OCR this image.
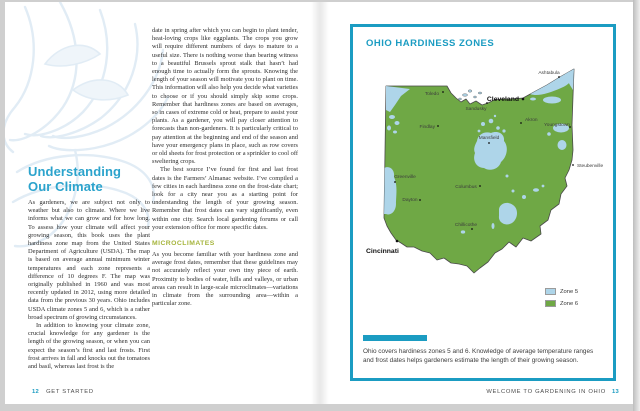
Understanding
Our Climate

As gardeners, we are subject not only to weather but also to climate. Where we live informs what we can grow and for how long. To assess how your climate will affect your growing season, this book uses the plant hardiness zone map from the United States Department of Agriculture (USDA). The map is based on average annual minimum winter temperatures and each zone represents a difference of 10 degrees F. The map was originally published in 1960 and was most recently updated in 2012, using more detailed data from the previous 30 years. Ohio includes USDA climate zones 5 and 6, which is a rather broad spectrum of growing circumstances.

In addition to knowing your climate zone, crucial knowledge for any gardener is the length of the growing season, or when you can expect the season’s first and last frosts. First frost arrives in fall and knocks out the tomatoes and basil, whereas last frost is the

date in spring after which you can begin to plant tender, heat-loving crops like eggplants. The crops you grow will require different numbers of days to mature to a useful size. There is nothing worse than bearing witness to a beautiful Brussels sprout stalk that hasn’t had enough time to actually form the sprouts. Knowing the length of your season will motivate you to plant on time. This information will also help you decide what varieties to choose or if you should simply skip some crops. Remember that hardiness zones are based on averages, so in cases of extreme cold or heat, prepare to assist your plants. As a gardener, you will pay closer attention to forecasts than non-gardeners. It is particularly critical to pay attention at the beginning and end of the season and have your emergency plans in place, such as row covers or old sheets for frost protection or a sprinkler to cool off sweltering crops.

The best source I’ve found for first and last frost dates is the Farmers’ Almanac website. I’ve compiled a few cities in each hardiness zone on the frost-date chart; look for a city near you as a starting point for understanding the length of your growing season. Remember that frost dates can vary significantly, even within one city. Search local gardening forums or call your extension office for more specific dates.

MICROCLIMATES

As you become familiar with your hardiness zone and average frost dates, remember that these guidelines may not accurately reflect your own tiny piece of earth. Proximity to bodies of water, hills and valleys, or urban areas can result in large-scale microclimates—variations in climate from the surrounding area—within a particular zone.

12 GET STARTED
OHIO HARDINESS ZONES
Toledo
Cleveland
Ashtabula
Sandusky
Findlay
Akron
Youngstown
Mansfield
Steubenville
Greenville
Columbus
Dayton
Chillicothe
Cincinnati
Zone 5
Zone 6

Ohio covers hardiness zones 5 and 6. Knowledge of average temperature ranges and frost dates helps gardeners estimate the length of their growing season.

WELCOME TO GARDENING IN OHIO 13
